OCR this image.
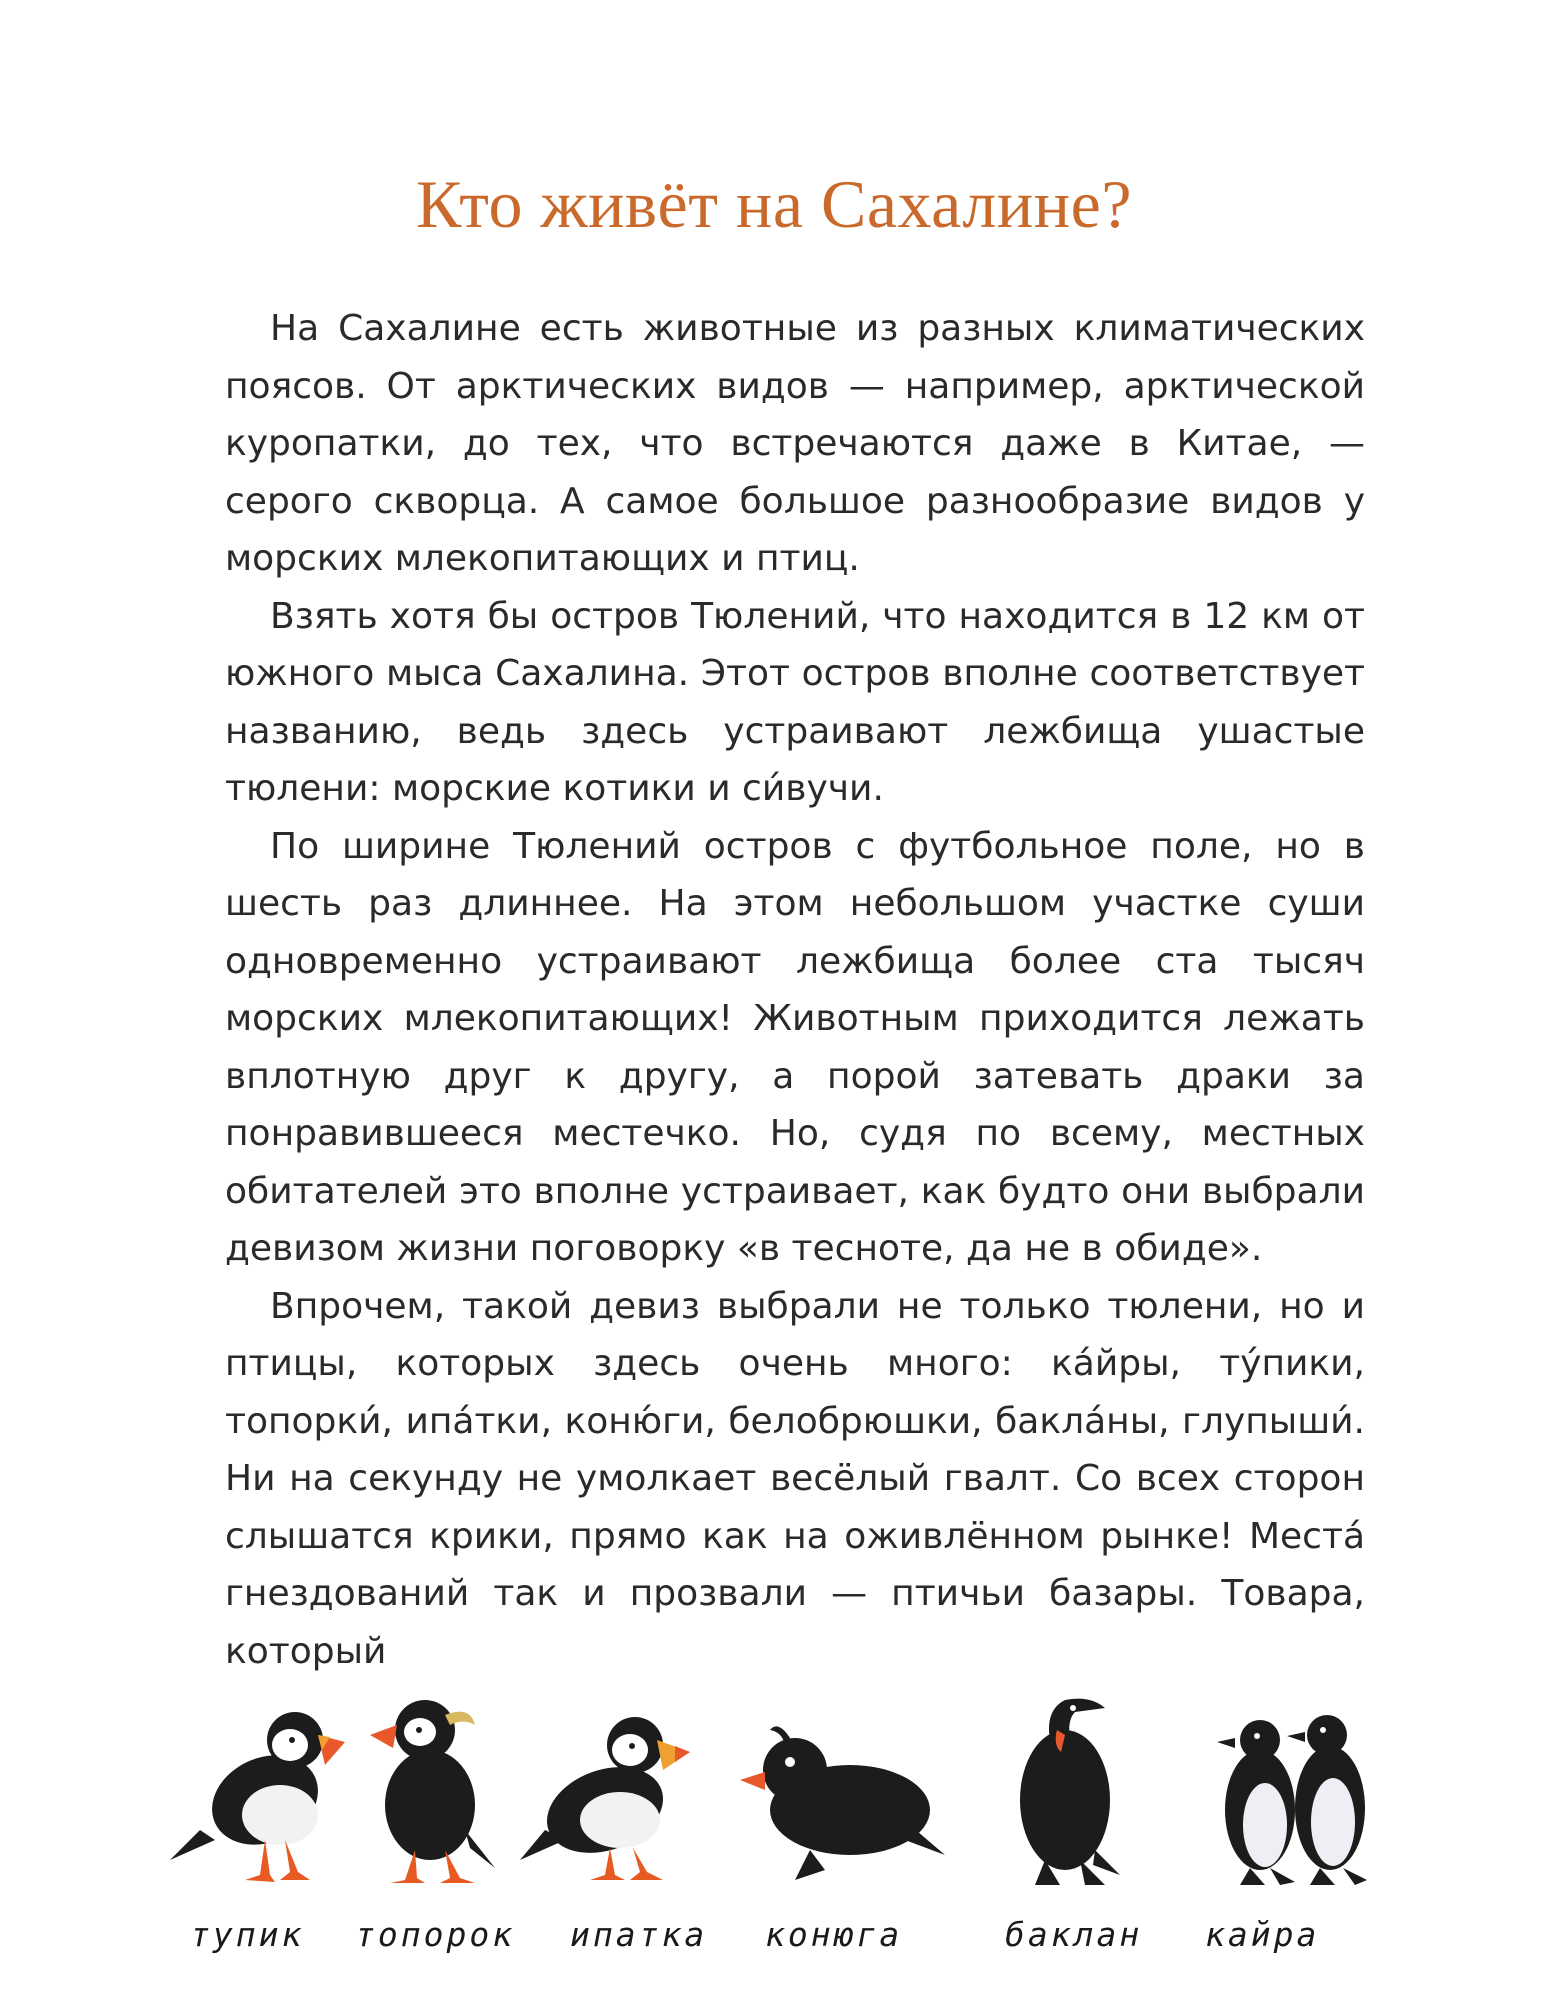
Кто живёт на Сахалине?

На Сахалине есть животные из разных климатических поясов. От арктических видов — например, арктической куропатки, до тех, что встречаются даже в Китае, — серого скворца. А самое большое разнообразие видов у морских млекопитающих и птиц.

Взять хотя бы остров Тюлений, что находится в 12 км от южного мыса Сахалина. Этот остров вполне соответствует названию, ведь здесь устраивают лежбища ушастые тюлени: морские котики и си́вучи.

По ширине Тюлений остров с футбольное поле, но в шесть раз длиннее. На этом небольшом участке суши одновременно устраивают лежбища более ста тысяч морских млекопитающих! Животным приходится лежать вплотную друг к другу, а порой затевать драки за понравившееся местечко. Но, судя по всему, местных обитателей это вполне устраивает, как будто они выбрали девизом жизни поговорку «в тесноте, да не в обиде».

Впрочем, такой девиз выбрали не только тюлени, но и птицы, которых здесь очень много: ка́йры, ту́пики, топорки́, ипа́тки, коню́ги, белобрюшки, бакла́ны, глупыши́. Ни на секунду не умолкает весёлый гвалт. Со всех сторон слышатся крики, прямо как на оживлённом рынке! Места́ гнездований так и прозвали — птичьи базары. Товара, который

тупик топорок ипатка конюга	баклан кайра
